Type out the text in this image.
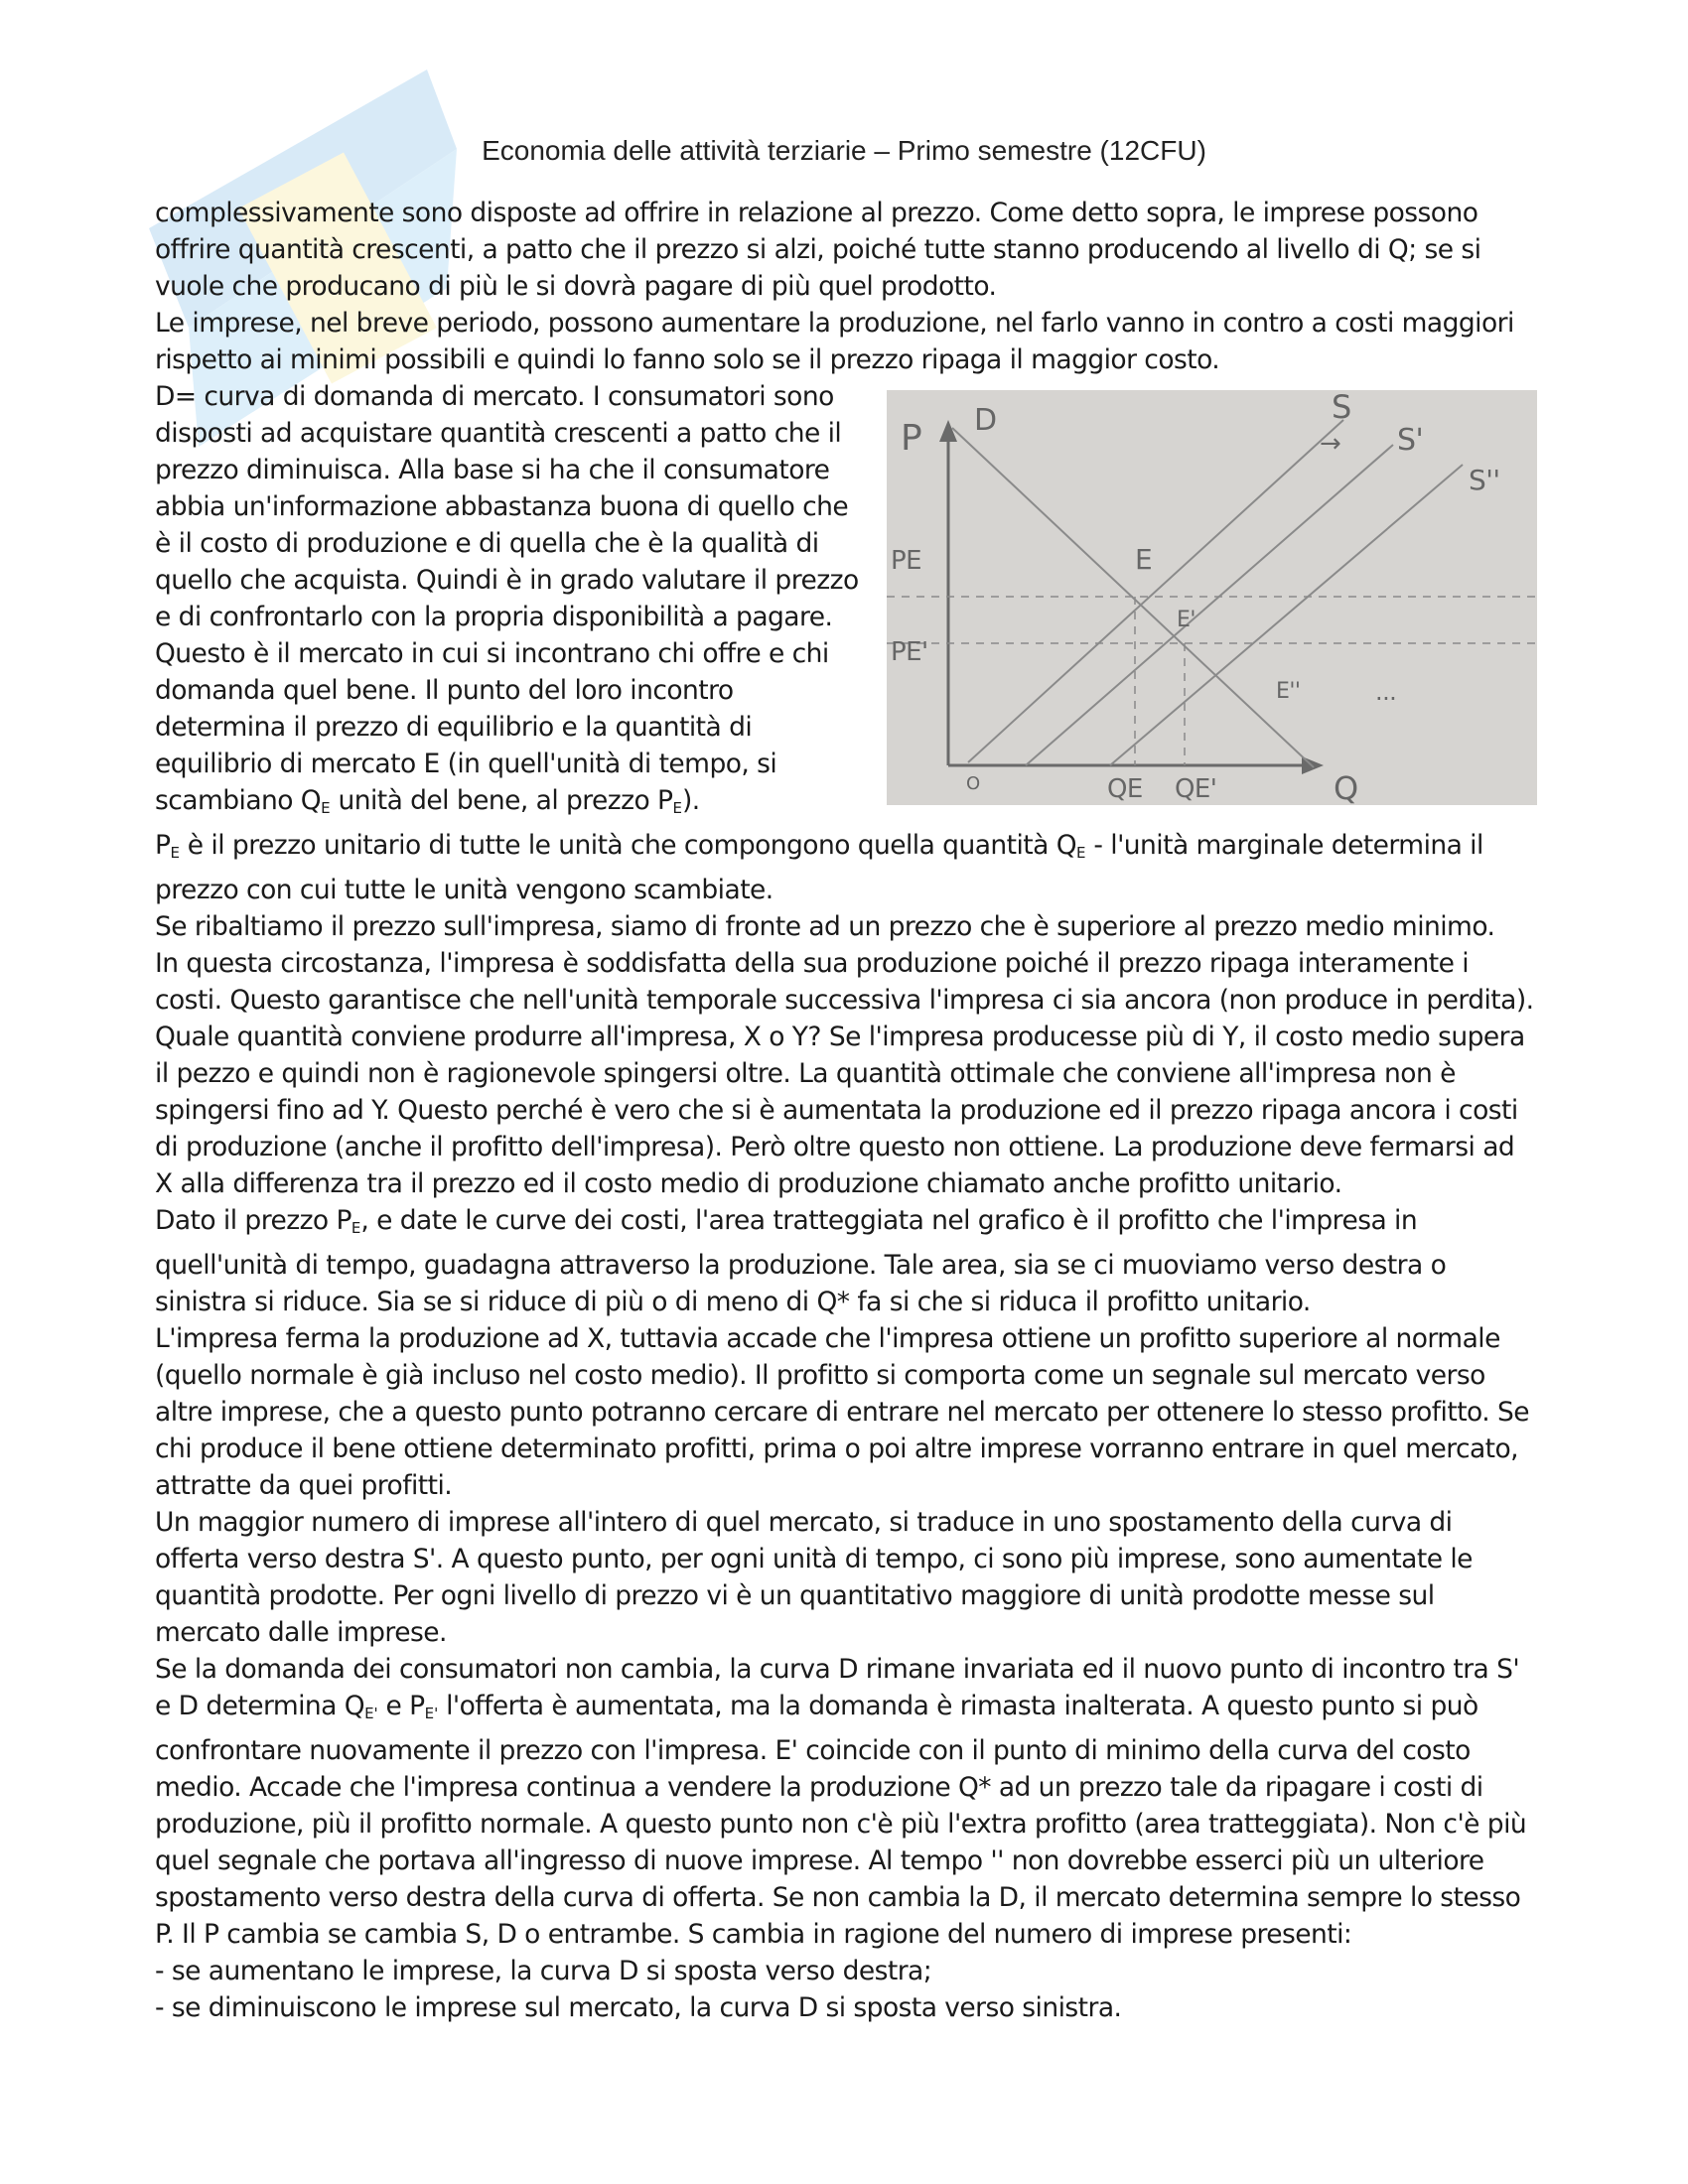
Economia delle attività terziarie – Primo semestre (12CFU)

complessivamente sono disposte ad offrire in relazione al prezzo. Come detto sopra, le imprese possono offrire quantità crescenti, a patto che il prezzo si alzi, poiché tutte stanno producendo al livello di Q; se si vuole che producano di più le si dovrà pagare di più quel prodotto.

Le imprese, nel breve periodo, possono aumentare la produzione, nel farlo vanno in contro a costi maggiori rispetto ai minimi possibili e quindi lo fanno solo se il prezzo ripaga il maggior costo.

P D	S
→ S'
S''
PE
PE'
E
E'
E''	...
O	QE QE'	Q

D= curva di domanda di mercato. I consumatori sono disposti ad acquistare quantità crescenti a patto che il prezzo diminuisca. Alla base si ha che il consumatore abbia un'informazione abbastanza buona di quello che è il costo di produzione e di quella che è la qualità di quello che acquista. Quindi è in grado valutare il prezzo e di confrontarlo con la propria disponibilità a pagare.

Questo è il mercato in cui si incontrano chi offre e chi domanda quel bene. Il punto del loro incontro determina il prezzo di equilibrio e la quantità di equilibrio di mercato E (in quell'unità di tempo, si scambiano $Q_E$ unità del bene, al prezzo $P_E$).

$P_E$ è il prezzo unitario di tutte le unità che compongono quella quantità $Q_E$ - l'unità marginale determina il prezzo con cui tutte le unità vengono scambiate.

Se ribaltiamo il prezzo sull'impresa, siamo di fronte ad un prezzo che è superiore al prezzo medio minimo.

In questa circostanza, l'impresa è soddisfatta della sua produzione poiché il prezzo ripaga interamente i costi. Questo garantisce che nell'unità temporale successiva l'impresa ci sia ancora (non produce in perdita). Quale quantità conviene produrre all'impresa, X o Y? Se l'impresa producesse più di Y, il costo medio supera il pezzo e quindi non è ragionevole spingersi oltre. La quantità ottimale che conviene all'impresa non è spingersi fino ad Y. Questo perché è vero che si è aumentata la produzione ed il prezzo ripaga ancora i costi di produzione (anche il profitto dell'impresa). Però oltre questo non ottiene. La produzione deve fermarsi ad X alla differenza tra il prezzo ed il costo medio di produzione chiamato anche profitto unitario.

Dato il prezzo $P_E$, e date le curve dei costi, l'area tratteggiata nel grafico è il profitto che l'impresa in quell'unità di tempo, guadagna attraverso la produzione. Tale area, sia se ci muoviamo verso destra o sinistra si riduce. Sia se si riduce di più o di meno di Q* fa si che si riduca il profitto unitario.

L'impresa ferma la produzione ad X, tuttavia accade che l'impresa ottiene un profitto superiore al normale (quello normale è già incluso nel costo medio). Il profitto si comporta come un segnale sul mercato verso altre imprese, che a questo punto potranno cercare di entrare nel mercato per ottenere lo stesso profitto. Se chi produce il bene ottiene determinato profitti, prima o poi altre imprese vorranno entrare in quel mercato, attratte da quei profitti.

Un maggior numero di imprese all'intero di quel mercato, si traduce in uno spostamento della curva di offerta verso destra S'. A questo punto, per ogni unità di tempo, ci sono più imprese, sono aumentate le quantità prodotte. Per ogni livello di prezzo vi è un quantitativo maggiore di unità prodotte messe sul mercato dalle imprese.

Se la domanda dei consumatori non cambia, la curva D rimane invariata ed il nuovo punto di incontro tra S' e D determina $Q_{E'}$ e $P_{E'}$ l'offerta è aumentata, ma la domanda è rimasta inalterata. A questo punto si può confrontare nuovamente il prezzo con l'impresa. E' coincide con il punto di minimo della curva del costo medio. Accade che l'impresa continua a vendere la produzione Q* ad un prezzo tale da ripagare i costi di produzione, più il profitto normale. A questo punto non c'è più l'extra profitto (area tratteggiata). Non c'è più quel segnale che portava all'ingresso di nuove imprese. Al tempo '' non dovrebbe esserci più un ulteriore spostamento verso destra della curva di offerta. Se non cambia la D, il mercato determina sempre lo stesso P. Il P cambia se cambia S, D o entrambe. S cambia in ragione del numero di imprese presenti:

- se aumentano le imprese, la curva D si sposta verso destra;

- se diminuiscono le imprese sul mercato, la curva D si sposta verso sinistra.
